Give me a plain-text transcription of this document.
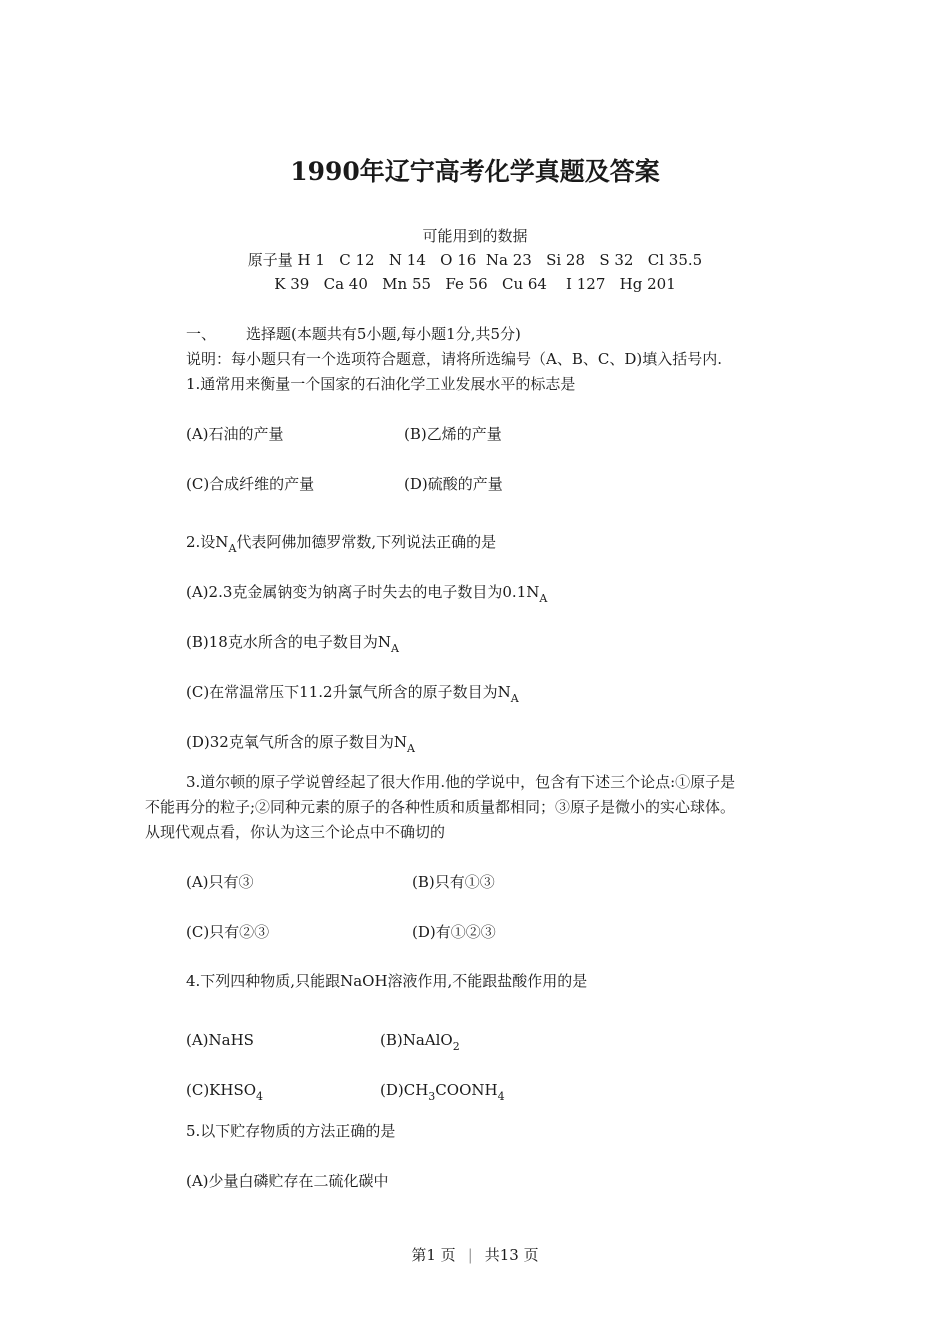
1990年辽宁高考化学真题及答案
可能用到的数据
原子量 H 1   C 12   N 14   O 16  Na 23   Si 28   S 32   Cl 35.5
K 39   Ca 40   Mn 55   Fe 56   Cu 64    I 127   Hg 201
一、 选择题(本题共有5小题,每小题1分,共5分)
说明：每小题只有一个选项符合题意，请将所选编号（A、B、C、D)填入括号内.
1.通常用来衡量一个国家的石油化学工业发展水平的标志是
(A)石油的产量	(B)乙烯的产量
(C)合成纤维的产量	(D)硫酸的产量
2.设$N_A$代表阿佛加德罗常数,下列说法正确的是
(A)2.3克金属钠变为钠离子时失去的电子数目为$0.1N_A$
(B)18克水所含的电子数目为$N_A$
(C)在常温常压下11.2升氯气所含的原子数目为$N_A$
(D)32克氧气所含的原子数目为$N_A$
3.道尔顿的原子学说曾经起了很大作用.他的学说中，包含有下述三个论点:①原子是
不能再分的粒子;②同种元素的原子的各种性质和质量都相同；③原子是微小的实心球体。
从现代观点看，你认为这三个论点中不确切的
(A)只有③	(B)只有①③
(C)只有②③	(D)有①②③
4.下列四种物质,只能跟NaOH溶液作用,不能跟盐酸作用的是
(A)NaHS	(B)NaAlO$_2$
$(C)KHSO_4$	$(D)CH_3COONH_4$
5.以下贮存物质的方法正确的是
(A)少量白磷贮存在二硫化碳中
第1 页 | 共13 页
